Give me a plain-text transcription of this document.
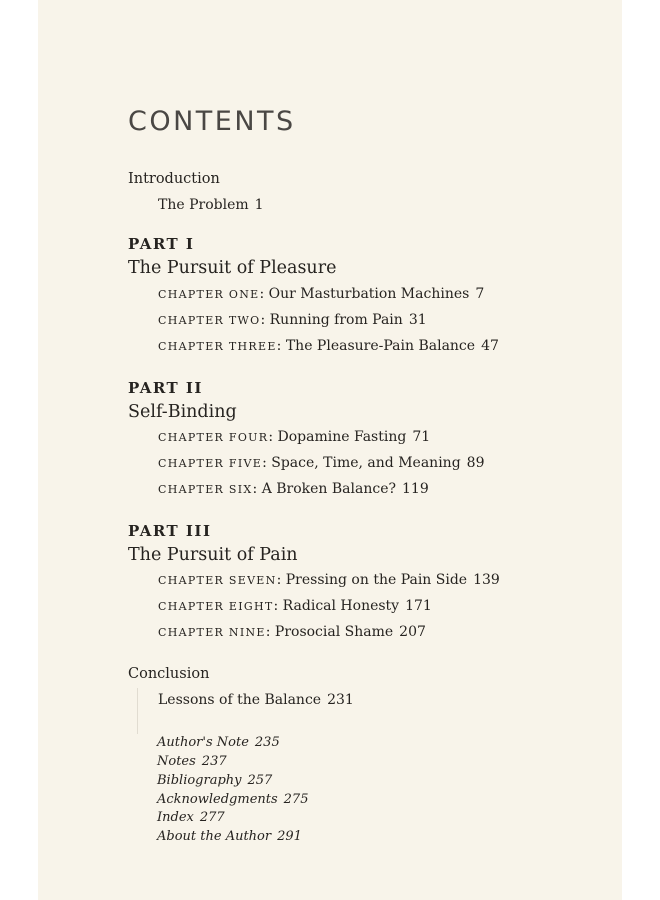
CONTENTS
Introduction
The Problem 1
PART I
The Pursuit of Pleasure
CHAPTER ONE: Our Masturbation Machines 7
CHAPTER TWO: Running from Pain 31
CHAPTER THREE: The Pleasure-Pain Balance 47
PART II
Self-Binding
CHAPTER FOUR: Dopamine Fasting 71
CHAPTER FIVE: Space, Time, and Meaning 89
CHAPTER SIX: A Broken Balance? 119
PART III
The Pursuit of Pain
CHAPTER SEVEN: Pressing on the Pain Side 139
CHAPTER EIGHT: Radical Honesty 171
CHAPTER NINE: Prosocial Shame 207
Conclusion
Lessons of the Balance 231
Author's Note 235
Notes 237
Bibliography 257
Acknowledgments 275
Index 277
About the Author 291
